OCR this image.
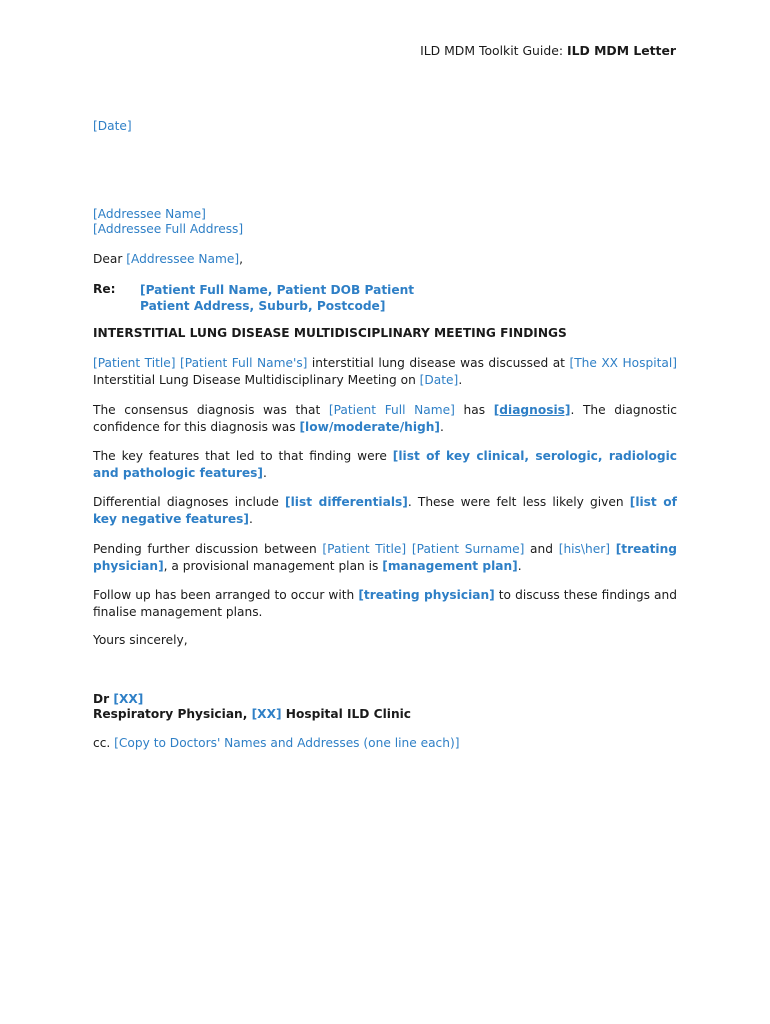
ILD MDM Toolkit Guide: ILD MDM Letter
[Date]
[Addressee Name]
[Addressee Full Address]
Dear [Addressee Name],
Re: [Patient Full Name, Patient DOB Patient
Patient Address, Suburb, Postcode]
INTERSTITIAL LUNG DISEASE MULTIDISCIPLINARY MEETING FINDINGS
[Patient Title] [Patient Full Name's] interstitial lung disease was discussed at [The XX Hospital] Interstitial Lung Disease Multidisciplinary Meeting on [Date].
The consensus diagnosis was that [Patient Full Name] has [diagnosis]. The diagnostic confidence for this diagnosis was [low/moderate/high].
The key features that led to that finding were [list of key clinical, serologic, radiologic and pathologic features].
Differential diagnoses include [list differentials]. These were felt less likely given [list of key negative features].
Pending further discussion between [Patient Title] [Patient Surname] and [his\her] [treating physician], a provisional management plan is [management plan].
Follow up has been arranged to occur with [treating physician] to discuss these findings and finalise management plans.
Yours sincerely,
Dr [XX]
Respiratory Physician, [XX] Hospital ILD Clinic
cc. [Copy to Doctors' Names and Addresses (one line each)]
